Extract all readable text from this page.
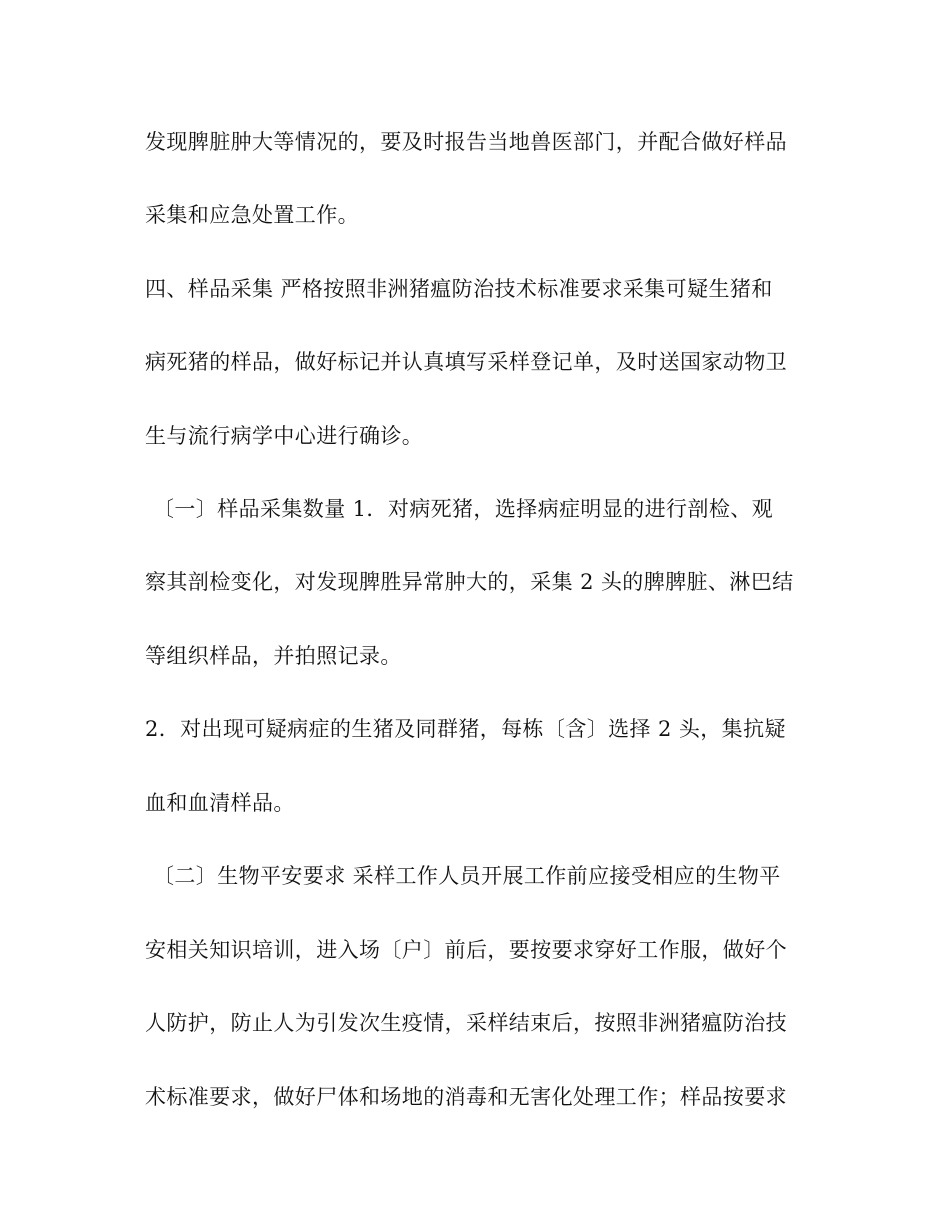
发现脾脏肿大等情况的，要及时报告当地兽医部门，并配合做好样品
采集和应急处置工作。
四、样品采集 严格按照非洲猪瘟防治技术标准要求采集可疑生猪和
病死猪的样品，做好标记并认真填写采样登记单，及时送国家动物卫
生与流行病学中心进行确诊。
〔一〕样品采集数量 1．对病死猪，选择病症明显的进行剖检、观
察其剖检变化，对发现脾胜异常肿大的，采集 2 头的脾脾脏、淋巴结
等组织样品，并拍照记录。
2．对出现可疑病症的生猪及同群猪，每栋〔含〕选择 2 头，集抗疑
血和血清样品。
〔二〕生物平安要求 采样工作人员开展工作前应接受相应的生物平
安相关知识培训，进入场〔户〕前后，要按要求穿好工作服，做好个
人防护，防止人为引发次生疫情，采样结束后，按照非洲猪瘟防治技
术标准要求，做好尸体和场地的消毒和无害化处理工作；样品按要求
